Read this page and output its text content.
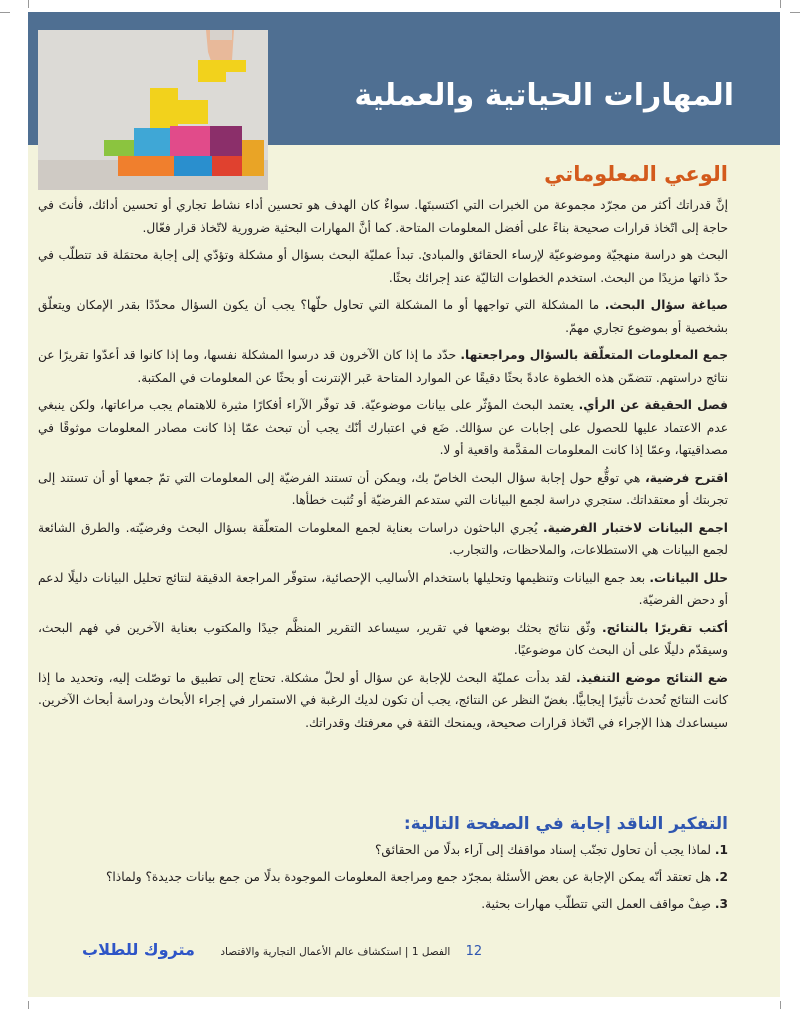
المهارات الحياتية والعملية
الوعي المعلوماتي

إنَّ قدراتك أكثر من مجرّد مجموعة من الخبرات التي اكتسبتَها. سواءٌ كان الهدف هو تحسين أداء نشاط تجاري أو تحسين أدائك، فأنتَ في حاجة إلى اتّخاذ قرارات صحيحة بناءً على أفضل المعلومات المتاحة. كما أنَّ المهارات البحثية ضرورية لاتّخاذ قرار فعّال.

البحث هو دراسة منهجيّة وموضوعيّة لإرساء الحقائق والمبادئ. تبدأ عمليّة البحث بسؤال أو مشكلة وتؤدّي إلى إجابة محتمَلة قد تتطلّب في حدّ ذاتها مزيدًا من البحث. استخدم الخطوات التاليّة عند إجرائك بحثًا.

صياغة سؤال البحث. ما المشكلة التي تواجهها أو ما المشكلة التي تحاول حلّها؟ يجب أن يكون السؤال محدّدًا بقدر الإمكان ويتعلّق بشخصية أو بموضوع تجاري مهمّ.

جمع المعلومات المتعلّقة بالسؤال ومراجعتها. حدّد ما إذا كان الآخرون قد درسوا المشكلة نفسها، وما إذا كانوا قد أعدّوا تقريرًا عن نتائج دراستهم. تتضمّن هذه الخطوة عادةً بحثًا دقيقًا عن الموارد المتاحة عَبر الإنترنت أو بحثًا عن المعلومات في المكتبة.

فصل الحقيقة عن الرأي. يعتمد البحث المؤثّر على بيانات موضوعيّة. قد توفّر الآراء أفكارًا مثيرة للاهتمام يجب مراعاتها، ولكن ينبغي عدم الاعتماد عليها للحصول على إجابات عن سؤالك. ضَع في اعتبارك أنّك يجب أن تبحث عمّا إذا كانت مصادر المعلومات موثوقًا في مصداقيتها، وعمّا إذا كانت المعلومات المقدَّمة واقعية أو لا.

اقترح فرضية، هي توقُّع حول إجابة سؤال البحث الخاصّ بك، ويمكن أن تستند الفرضيّة إلى المعلومات التي تمّ جمعها أو أن تستند إلى تجربتك أو معتقداتك. ستجري دراسة لجمع البيانات التي ستدعم الفرضيّة أو تُثبت خطأها.

اجمع البيانات لاختبار الفرضية. يُجري الباحثون دراسات بعناية لجمع المعلومات المتعلّقة بسؤال البحث وفرضيّته. والطرق الشائعة لجمع البيانات هي الاستطلاعات، والملاحظات، والتجارب.

حلل البيانات. بعد جمع البيانات وتنظيمها وتحليلها باستخدام الأساليب الإحصائية، ستوفّر المراجعة الدقيقة لنتائج تحليل البيانات دليلًا لدعم أو دحض الفرضيّة.

أكتب تقريرًا بالنتائج. وثّق نتائج بحثك بوضعها في تقرير، سيساعد التقرير المنظَّم جيدًا والمكتوب بعناية الآخرين في فهم البحث، وسيقدّم دليلًا على أن البحث كان موضوعيًا.

ضع النتائج موضع التنفيذ. لقد بدأت عمليّة البحث للإجابة عن سؤال أو لحلّ مشكلة. تحتاج إلى تطبيق ما توصّلت إليه، وتحديد ما إذا كانت النتائج تُحدث تأثيرًا إيجابيًّا. بغضّ النظر عن النتائج، يجب أن تكون لديك الرغبة في الاستمرار في إجراء الأبحاث ودراسة أبحاث الآخرين. سيساعدك هذا الإجراء في اتّخاذ قرارات صحيحة، ويمنحك الثقة في معرفتك وقدراتك.

التفكير الناقد إجابة في الصفحة التالية:
1. لماذا يجب أن تحاول تجنّب إسناد مواقفك إلى آراء بدلًا من الحقائق؟
2. هل تعتقد أنّه يمكن الإجابة عن بعض الأسئلة بمجرّد جمع ومراجعة المعلومات الموجودة بدلًا من جمع بيانات جديدة؟ ولماذا؟
3. صِفْ مواقف العمل التي تتطلّب مهارات بحثية.
12   الفصل 1 | استكشاف عالم الأعمال التجارية والاقتصاد     متروك للطلاب
